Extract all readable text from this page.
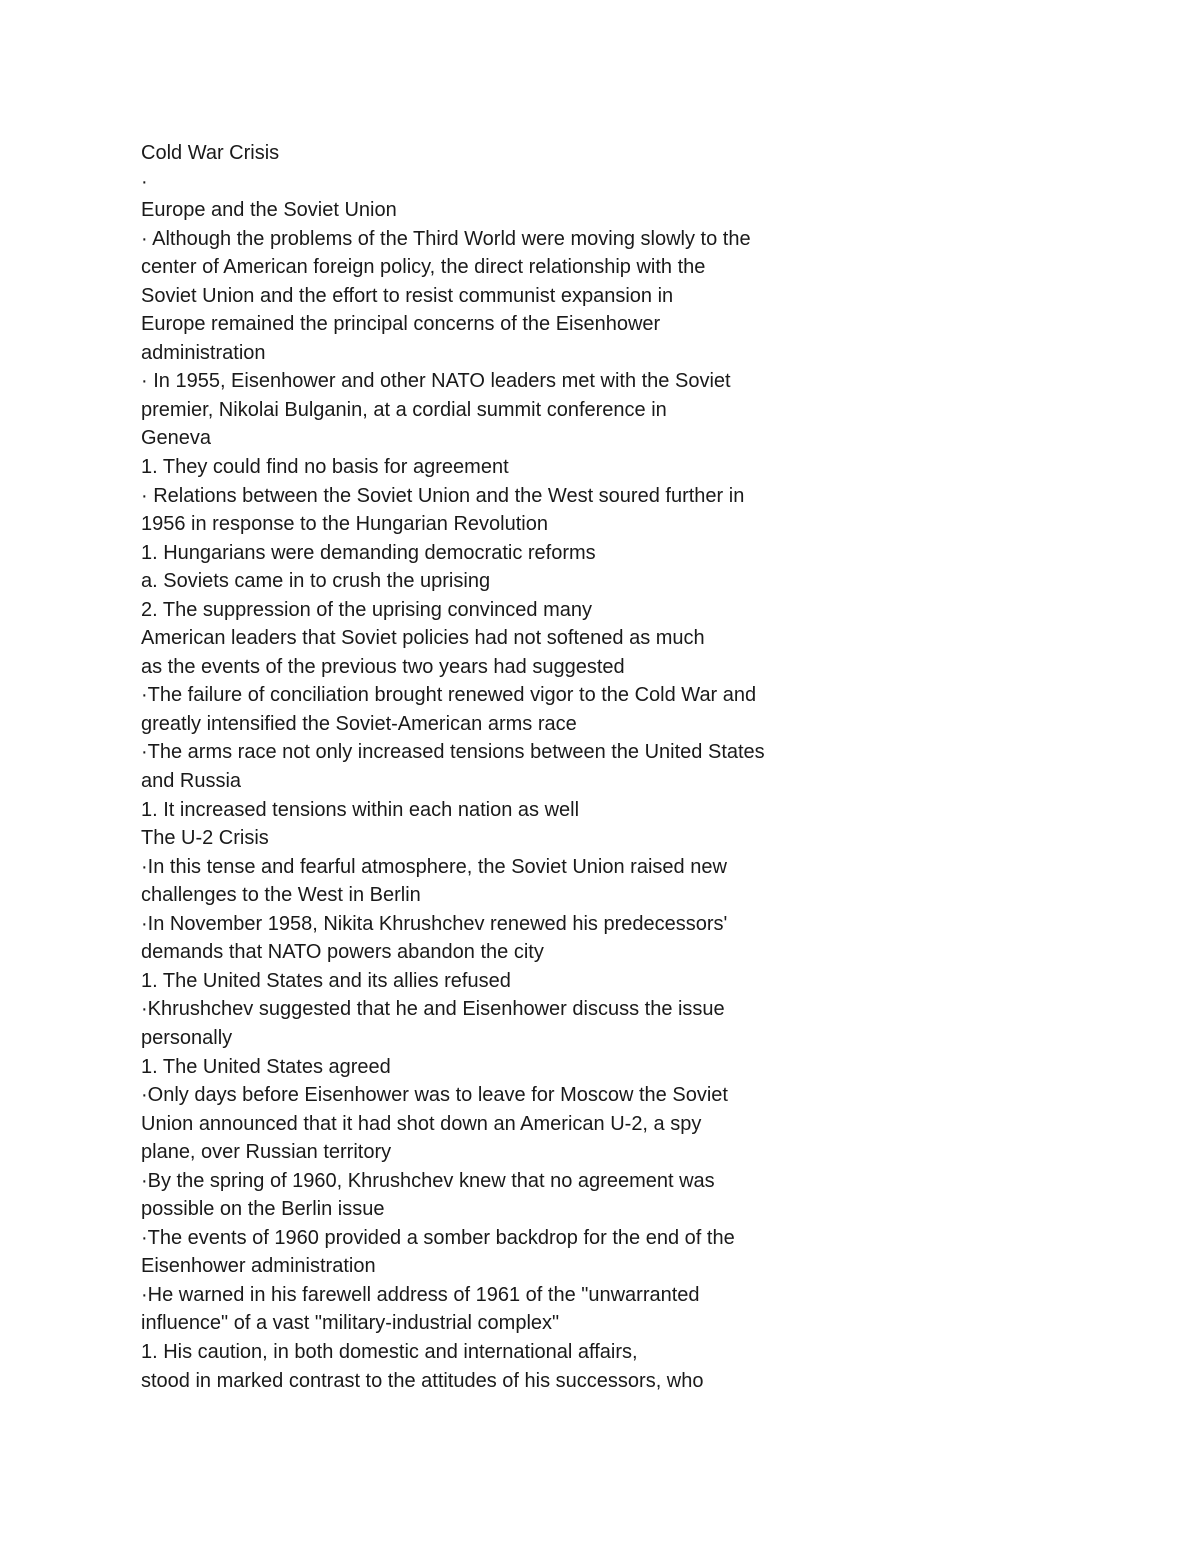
Cold War Crisis

·

Europe and the Soviet Union

· Although the problems of the Third World were moving slowly to the

center of American foreign policy, the direct relationship with the

Soviet Union and the effort to resist communist expansion in

Europe remained the principal concerns of the Eisenhower

administration

· In 1955, Eisenhower and other NATO leaders met with the Soviet

premier, Nikolai Bulganin, at a cordial summit conference in

Geneva

1. They could find no basis for agreement

· Relations between the Soviet Union and the West soured further in

1956 in response to the Hungarian Revolution

1. Hungarians were demanding democratic reforms

a. Soviets came in to crush the uprising

2. The suppression of the uprising convinced many

American leaders that Soviet policies had not softened as much

as the events of the previous two years had suggested

·The failure of conciliation brought renewed vigor to the Cold War and

greatly intensified the Soviet-American arms race

·The arms race not only increased tensions between the United States

and Russia

1. It increased tensions within each nation as well

The U-2 Crisis

·In this tense and fearful atmosphere, the Soviet Union raised new

challenges to the West in Berlin

·In November 1958, Nikita Khrushchev renewed his predecessors'

demands that NATO powers abandon the city

1. The United States and its allies refused

·Khrushchev suggested that he and Eisenhower discuss the issue

personally

1. The United States agreed

·Only days before Eisenhower was to leave for Moscow the Soviet

Union announced that it had shot down an American U-2, a spy

plane, over Russian territory

·By the spring of 1960, Khrushchev knew that no agreement was

possible on the Berlin issue

·The events of 1960 provided a somber backdrop for the end of the

Eisenhower administration

·He warned in his farewell address of 1961 of the "unwarranted

influence" of a vast "military-industrial complex"

1. His caution, in both domestic and international affairs,

stood in marked contrast to the attitudes of his successors, who
